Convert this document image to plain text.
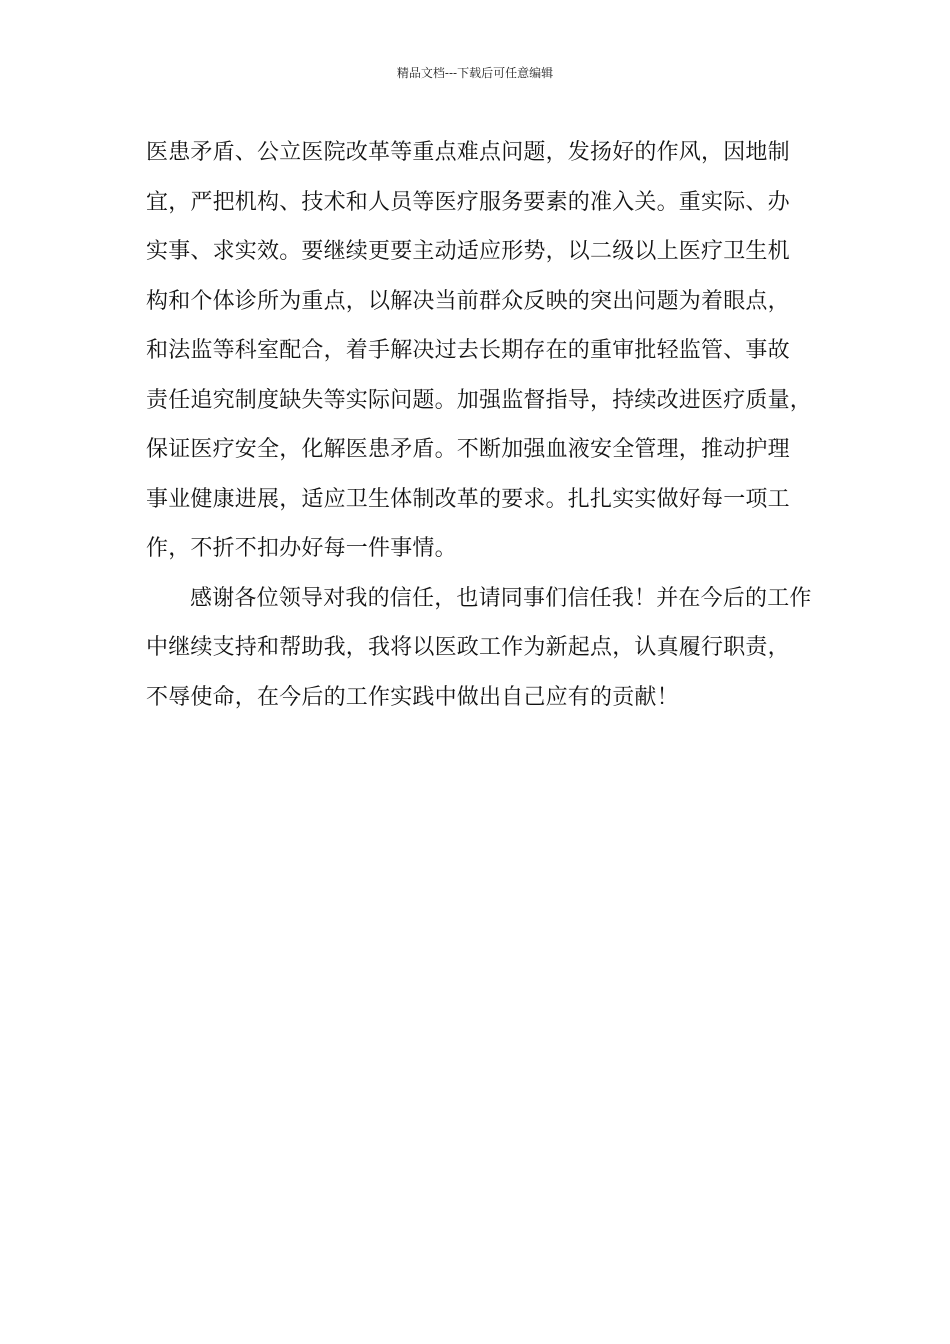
精品文档---下载后可任意编辑
医患矛盾、公立医院改革等重点难点问题，发扬好的作风，因地制
宜，严把机构、技术和人员等医疗服务要素的准入关。重实际、办
实事、求实效。要继续更要主动适应形势，以二级以上医疗卫生机
构和个体诊所为重点，以解决当前群众反映的突出问题为着眼点，
和法监等科室配合，着手解决过去长期存在的重审批轻监管、事故
责任追究制度缺失等实际问题。加强监督指导，持续改进医疗质量，
保证医疗安全，化解医患矛盾。不断加强血液安全管理，推动护理
事业健康进展，适应卫生体制改革的要求。扎扎实实做好每一项工
作，不折不扣办好每一件事情。
感谢各位领导对我的信任，也请同事们信任我！并在今后的工作
中继续支持和帮助我，我将以医政工作为新起点，认真履行职责，
不辱使命，在今后的工作实践中做出自己应有的贡献！
